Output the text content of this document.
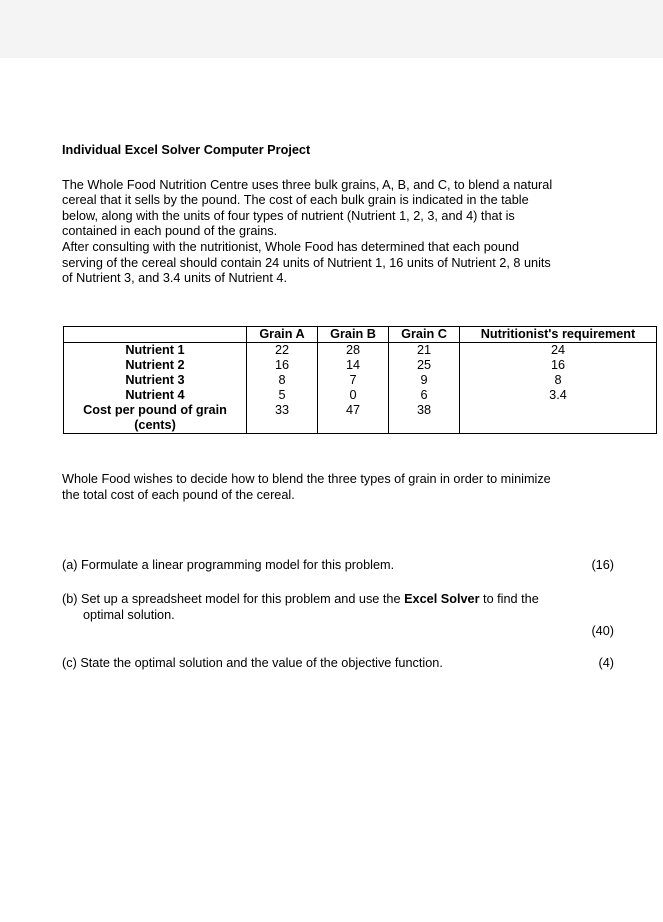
Individual Excel Solver Computer Project

The Whole Food Nutrition Centre uses three bulk grains, A, B, and C, to blend a natural

cereal that it sells by the pound. The cost of each bulk grain is indicated in the table

below, along with the units of four types of nutrient (Nutrient 1, 2, 3, and 4) that is

contained in each pound of the grains.

After consulting with the nutritionist, Whole Food has determined that each pound

serving of the cereal should contain 24 units of Nutrient 1, 16 units of Nutrient 2, 8 units

of Nutrient 3, and 3.4 units of Nutrient 4.

	Grain A	Grain B	Grain C	Nutritionist's requirement
Nutrient 1	22	28	21	24
Nutrient 2	16	14	25	16
Nutrient 3	8	7	9	8
Nutrient 4	5	0	6	3.4
Cost per pound of grain
(cents)	33	47	38	
Whole Food wishes to decide how to blend the three types of grain in order to minimize
the total cost of each pound of the cereal.
(a) Formulate a linear programming model for this problem.	(16)
(b) Set up a spreadsheet model for this problem and use the Excel Solver to find the optimal solution.
(40)
(c) State the optimal solution and the value of the objective function.	(4)
